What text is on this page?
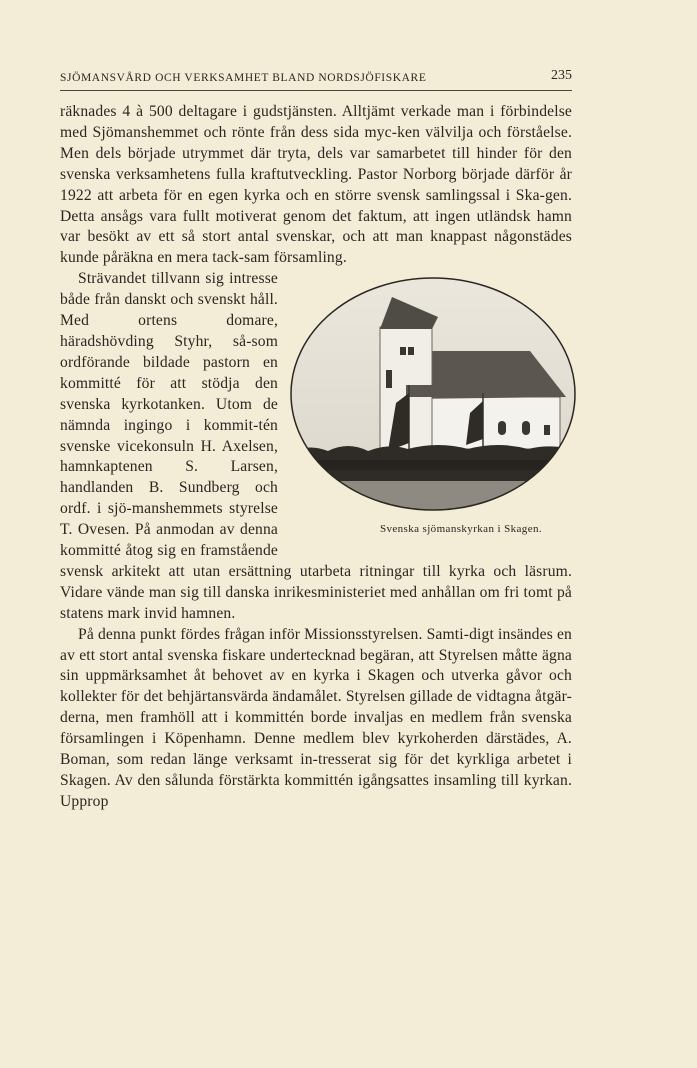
SJÖMANSVÅRD OCH VERKSAMHET BLAND NORDSJÖFISKARE	235

räknades 4 à 500 deltagare i gudstjänsten. Alltjämt verkade man i förbindelse med Sjömanshemmet och rönte från dess sida myc-ken välvilja och förståelse. Men dels började utrymmet där tryta, dels var samarbetet till hinder för den svenska verksamhetens fulla kraftutveckling. Pastor Norborg började därför år 1922 att arbeta för en egen kyrka och en större svensk samlingssal i Ska-gen. Detta ansågs vara fullt motiverat genom det faktum, att ingen utländsk hamn var besökt av ett så stort antal svenskar, och att man knappast någonstädes kunde påräkna en mera tack-sam församling.

Svenska sjömanskyrkan i Skagen.
Strävandet tillvann sig intresse både från danskt och svenskt håll. Med ortens domare, häradshövding Styhr, så-som ordförande bildade pastorn en kommitté för att stödja den svenska kyrkotanken. Utom de nämnda ingingo i kommit-tén svenske vicekonsuln H. Axelsen, hamnkaptenen S. Larsen, handlanden B. Sundberg och ordf. i sjö-manshemmets styrelse T. Ovesen. På anmodan av denna kommitté åtog sig en framstående svensk arkitekt att utan ersättning utarbeta ritningar till kyrka och läsrum. Vidare vände man sig till danska inrikesministeriet med anhållan om fri tomt på statens mark invid hamnen.

På denna punkt fördes frågan inför Missionsstyrelsen. Samti-digt insändes en av ett stort antal svenska fiskare undertecknad begäran, att Styrelsen måtte ägna sin uppmärksamhet åt behovet av en kyrka i Skagen och utverka gåvor och kollekter för det behjärtansvärda ändamålet. Styrelsen gillade de vidtagna åtgär-derna, men framhöll att i kommittén borde invaljas en medlem från svenska församlingen i Köpenhamn. Denne medlem blev kyrkoherden därstädes, A. Boman, som redan länge verksamt in-tresserat sig för det kyrkliga arbetet i Skagen. Av den sålunda förstärkta kommittén igångsattes insamling till kyrkan. Upprop
